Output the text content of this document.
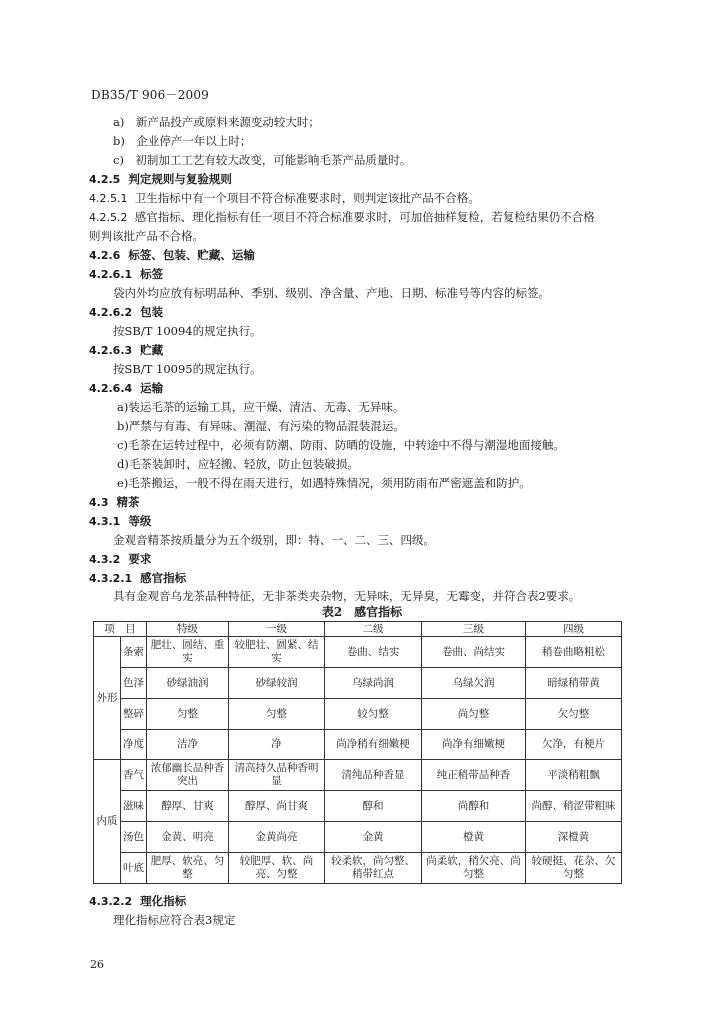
DB35/T 906－2009
a)　新产品投产或原料来源变动较大时；
b)　企业停产一年以上时；
c)　初制加工工艺有较大改变，可能影响毛茶产品质量时。
4.2.5 判定规则与复验规则
4.2.5.1 卫生指标中有一个项目不符合标准要求时，则判定该批产品不合格。
4.2.5.2 感官指标、理化指标有任一项目不符合标准要求时，可加倍抽样复检，若复检结果仍不合格
则判该批产品不合格。
4.2.6 标签、包装、贮藏、运输
4.2.6.1 标签
袋内外均应放有标明品种、季别、级别、净含量、产地、日期、标准号等内容的标签。
4.2.6.2 包装
按SB/T 10094的规定执行。
4.2.6.3 贮藏
按SB/T 10095的规定执行。
4.2.6.4 运输
a)装运毛茶的运输工具，应干燥、清洁、无毒、无异味。
b)严禁与有毒、有异味、潮湿、有污染的物品混装混运。
c)毛茶在运转过程中，必须有防潮、防雨、防晒的设施，中转途中不得与潮湿地面接触。
d)毛茶装卸时，应轻搬、轻放，防止包装破损。
e)毛茶搬运，一般不得在雨天进行，如遇特殊情况，须用防雨布严密遮盖和防护。
4.3 精茶
4.3.1 等级
金观音精茶按质量分为五个级别，即：特、一、二、三、四级。
4.3.2 要求
4.3.2.1 感官指标
具有金观音乌龙茶品种特征，无非茶类夹杂物，无异味，无异臭，无霉变，并符合表2要求。
表2　感官指标
项　目		特级	一级	二级	三级	四级
外形	条索	肥壮、圆结、重实	较肥壮、圆紧、结实	卷曲、结实	卷曲、尚结实	稍卷曲略粗松
	色泽	砂绿油润	砂绿较润	乌绿尚润	乌绿欠润	暗绿稍带黄
	整碎	匀整	匀整	较匀整	尚匀整	欠匀整
	净度	洁净	净	尚净稍有细嫩梗	尚净有细嫩梗	欠净，有梗片
内质	香气	浓郁幽长品种香突出	清高持久品种香明显	清纯品种香显	纯正稍带品种香	平淡稍粗飘
	滋味	醇厚、甘爽	醇厚、尚甘爽	醇和	尚醇和	尚醇、稍涩带粗味
	汤色	金黄、明亮	金黄尚亮	金黄	橙黄	深橙黄
	叶底	肥厚、软亮、匀整	较肥厚、软、尚亮、匀整	较柔软，尚匀整、稍带红点	尚柔软，稍欠亮、尚匀整	较硬挺、花杂、欠匀整
4.3.2.2 理化指标
理化指标应符合表3规定
26
